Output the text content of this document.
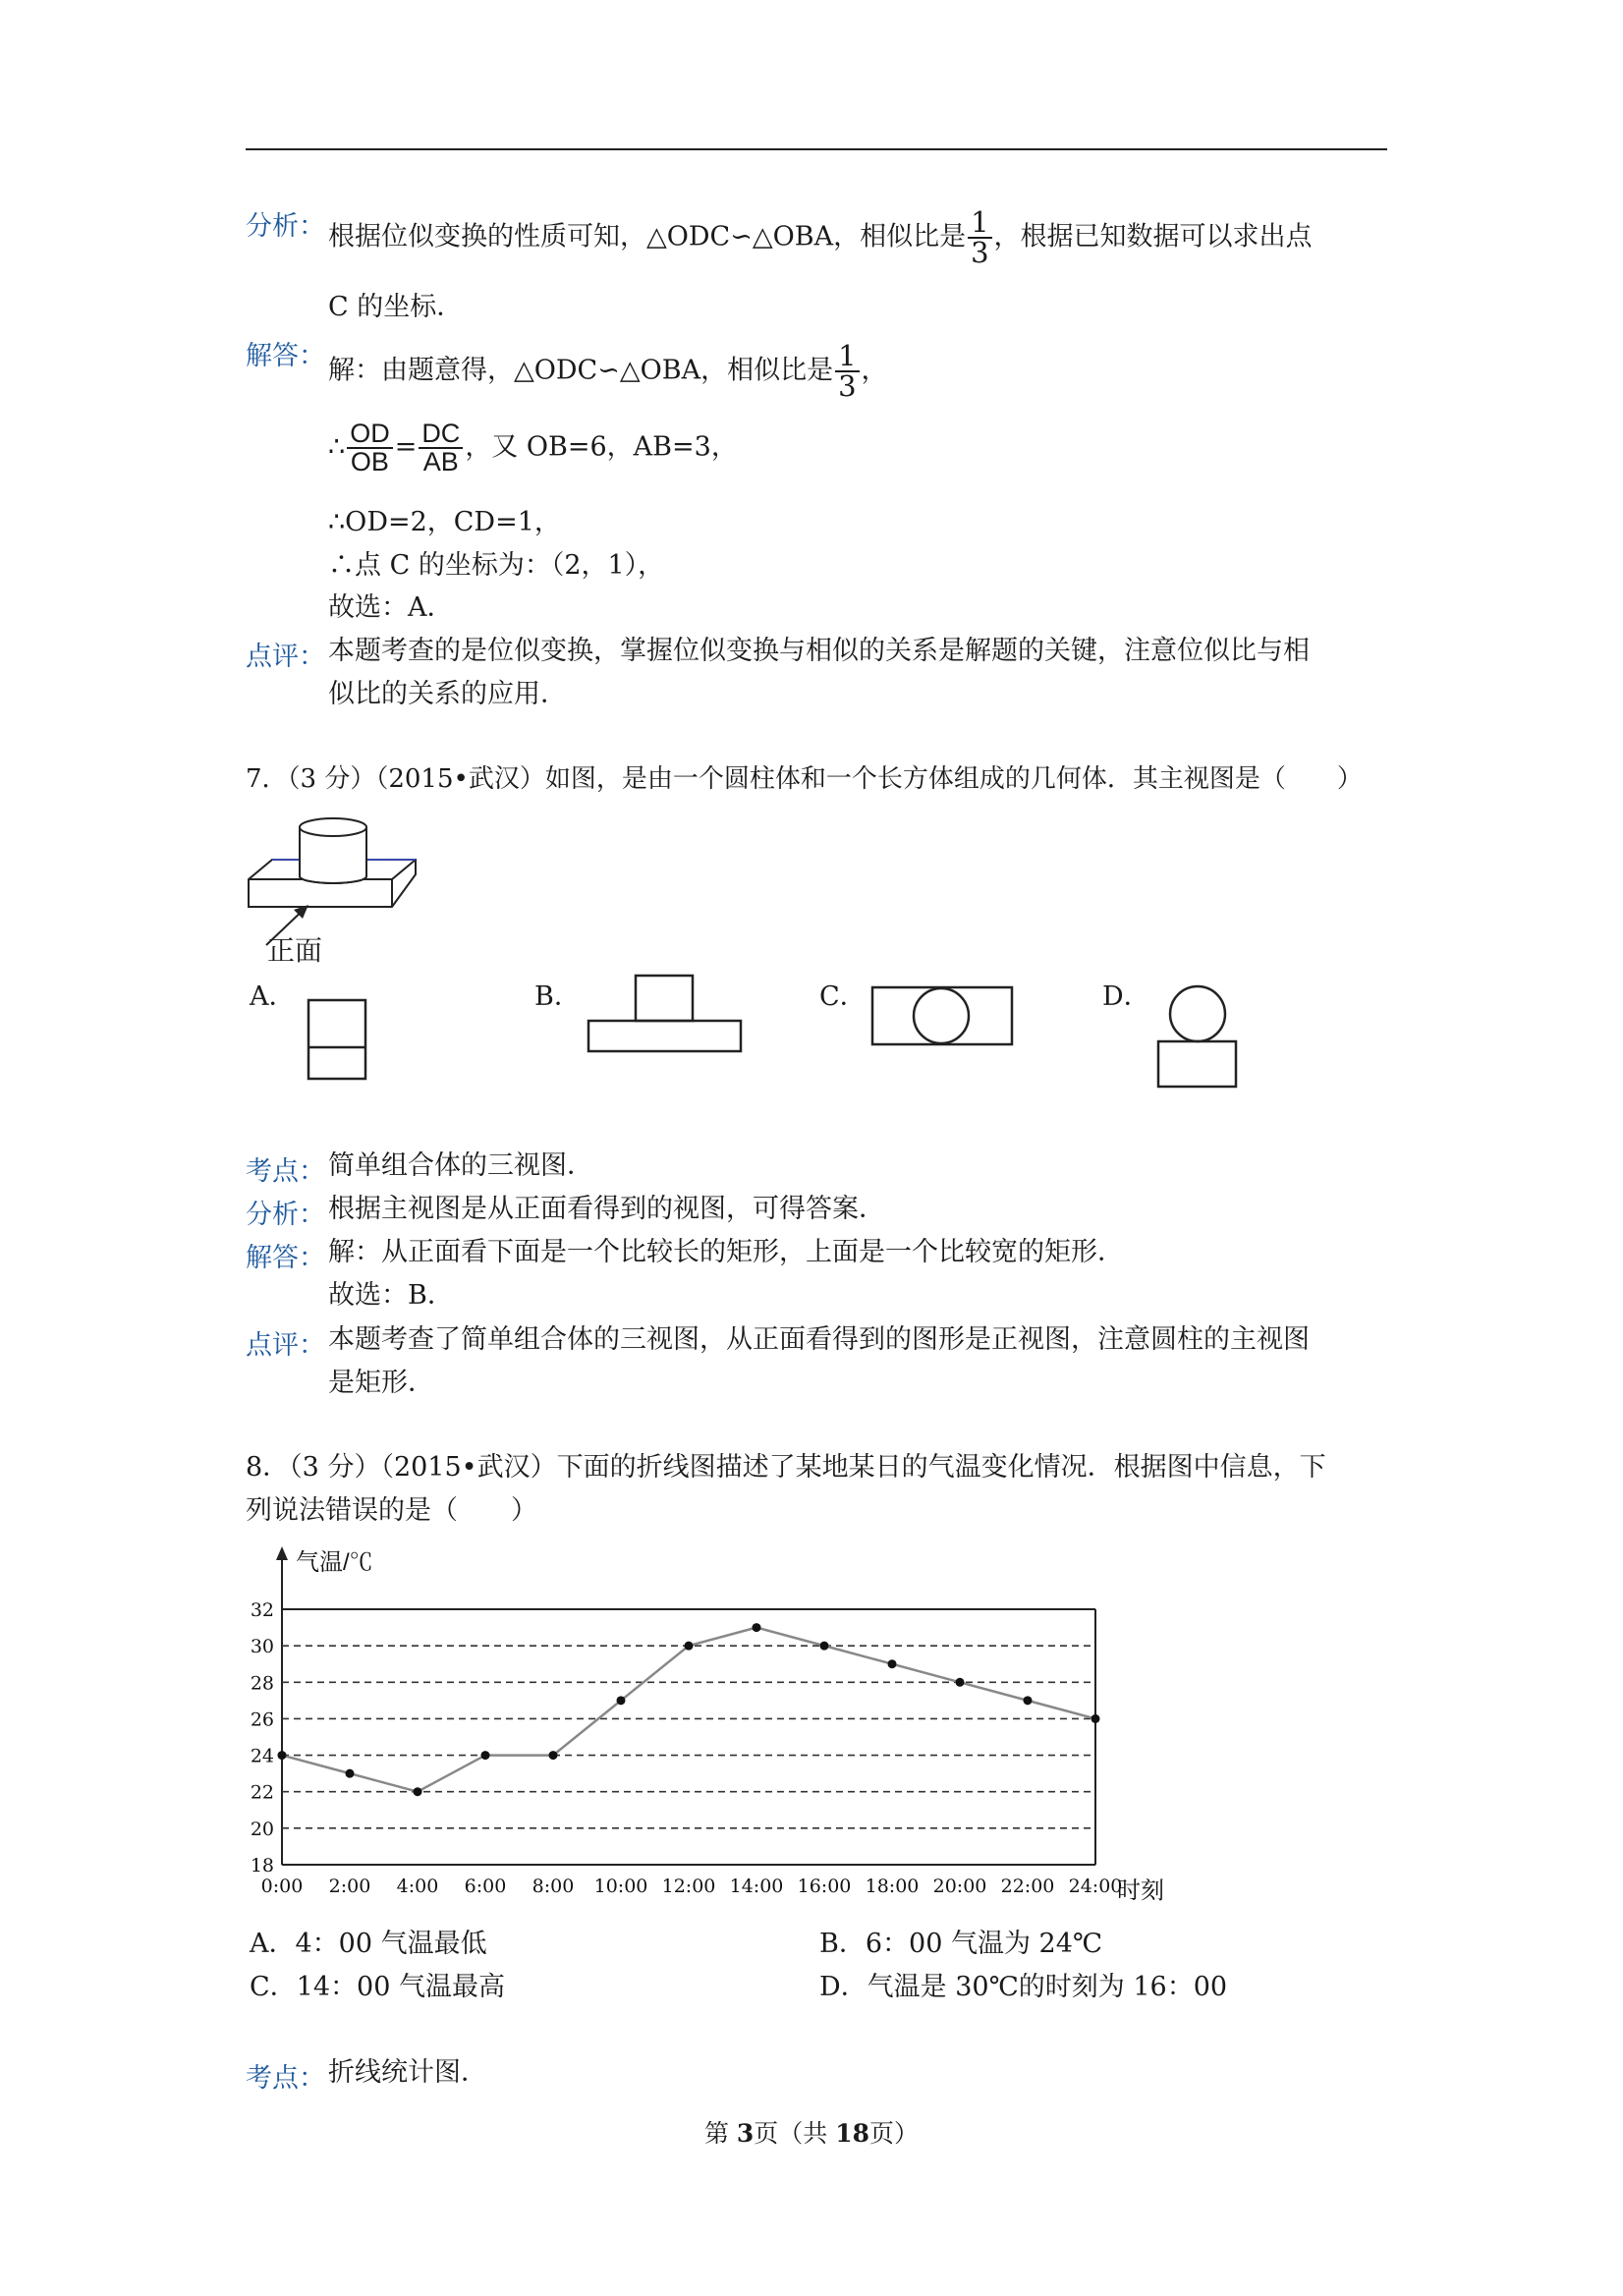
分析： 根据位似变换的性质可知，△ODC∽△OBA，相似比是 $\frac{1}{3}$ ，根据已知数据可以求出点
C 的坐标．
解答： 解：由题意得，△ODC∽△OBA，相似比是 $\frac{1}{3}$ ，
∴ $\frac{OD}{OB} = \frac{DC}{AB}$ ，又 OB=6，AB=3，
∴OD=2，CD=1，
∴点 C 的坐标为：（2，1），
故选：A．
点评： 本题考查的是位似变换，掌握位似变换与相似的关系是解题的关键，注意位似比与相
似比的关系的应用．
7．（3 分）（2015•武汉）如图，是由一个圆柱体和一个长方体组成的几何体．其主视图是（　　）
正面
A．	B．	C．	D．
考点： 简单组合体的三视图．
分析： 根据主视图是从正面看得到的视图，可得答案．
解答： 解：从正面看下面是一个比较长的矩形，上面是一个比较宽的矩形．
故选：B．
点评： 本题考查了简单组合体的三视图，从正面看得到的图形是正视图，注意圆柱的主视图
是矩形．
8．（3 分）（2015•武汉）下面的折线图描述了某地某日的气温变化情况．根据图中信息，下
列说法错误的是（　　）
18
20
22
24
26
28
30
32
0:00 2:00 4:00 6:00 8:00 10:00 12:00 14:00 16:00 18:00 20:00 22:00 24:00
气温/℃
时刻
A．4：00 气温最低	B．6：00 气温为 24℃
C．14：00 气温最高	D．气温是 30℃的时刻为 16：00
考点： 折线统计图．
第 3页（共 18页）
